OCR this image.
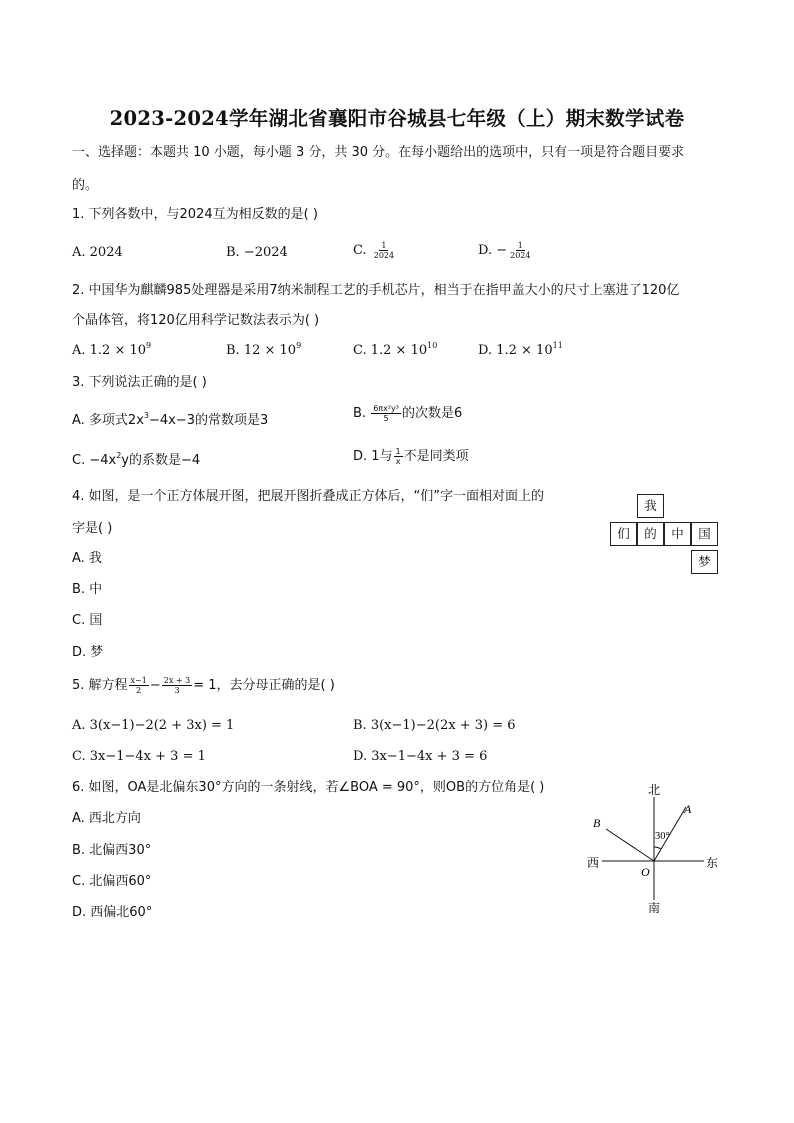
2023-2024学年湖北省襄阳市谷城县七年级（上）期末数学试卷
一、选择题：本题共 10 小题，每小题 3 分，共 30 分。在每小题给出的选项中，只有一项是符合题目要求
的。
1. 下列各数中，与2024互为相反数的是( )
A. 2024	B. −2024	C. $\frac{1}{2024}$	D. − $\frac{1}{2024}$
2. 中国华为麒麟985处理器是采用7纳米制程工艺的手机芯片，相当于在指甲盖大小的尺寸上塞进了120亿
个晶体管，将120亿用科学记数法表示为( )
A. $1.2 \times 10^9$	B. $12 \times 10^9$	C. $1.2 \times 10^{10}$	D. $1.2 \times 10^{11}$
3. 下列说法正确的是( )
A. 多项式$2x^3-4x-3$的常数项是3	B. $\frac{\text{6πx²y³}}{5}$ 的次数是6
C. $-4x^2y$的系数是−4	D. 1与 $\frac{1}{x}$ 不是同类项
4. 如图，是一个正方体展开图，把展开图折叠成正方体后，“们”字一面相对面上的
字是( )
A. 我
B. 中
C. 国
D. 梦
我
们	的	中	国
梦
5. 解方程 $\frac{x-1}{2} - \frac{2x + 3}{3} = 1$，去分母正确的是( )
A. 3(x−1)−2(2 + 3x) = 1	B. 3(x−1)−2(2x + 3) = 6
C. 3x−1−4x + 3 = 1	D. 3x−1−4x + 3 = 6
6. 如图，OA是北偏东30°方向的一条射线，若∠BOA = 90°，则OB的方位角是( )
A. 西北方向
B. 北偏西30°
C. 北偏西60°
D. 西偏北60°
北
南
东
西
O
A
B
30°
